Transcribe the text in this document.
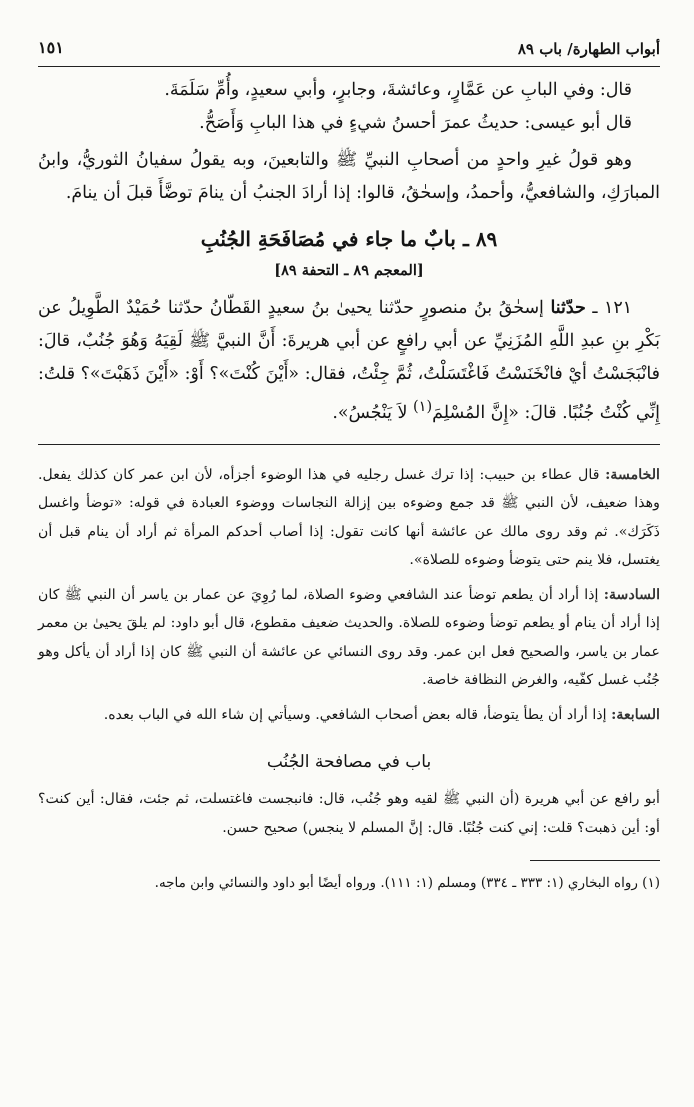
أبواب الطهارة/ باب ٨٩
١٥١

قال: وفي البابِ عن عَمَّارٍ، وعائشةَ، وجابرٍ، وأبي سعيدٍ، وأُمِّ سَلَمَةَ.

قال أبو عيسى: حديثُ عمرَ أحسنُ شيءٍ في هذا البابِ وَأَصَحُّ.

وهو قولُ غيرِ واحدٍ من أصحابِ النبيِّ ﷺ والتابعينَ، وبه يقولُ سفيانُ الثوريُّ، وابنُ المبارَكِ، والشافعيُّ، وأحمدُ، وإسحٰقُ، قالوا: إذا أرادَ الجنبُ أن ينامَ توضَّأَ قبلَ أن ينامَ.

٨٩ ـ بابٌ ما جاء في مُصَافَحَةِ الجُنُبِ
[المعجم ٨٩ ـ التحفة ٨٩]

١٢١ ـ حدّثنا إسحٰقُ بنُ منصورٍ حدّثنا يحيىٰ بنُ سعيدٍ القَطّانُ حدّثنا حُمَيْدٌ الطَّوِيلُ عن بَكْرِ بنِ عبدِ اللَّهِ المُزَنِيِّ عن أبي رافعٍ عن أبي هريرةَ: أَنَّ النبيَّ ﷺ لَقِيَهُ وَهُوَ جُنُبٌ، قالَ: فانْبَجَسْتُ أيْ فانْخَنَسْتُ فَاغْتَسَلْتُ، ثُمَّ جِئْتُ، فقال: «أَيْنَ كُنْتَ»؟ أَوْ: «أَيْنَ ذَهَبْتَ»؟ قلتُ: إِنِّي كُنْتُ جُنُبًا. قالَ: «إِنَّ المُسْلِمَ$^{(١)}$ لاَ يَنْجُسُ».

الخامسة: قال عطاء بن حبيب: إذا ترك غسل رجليه في هذا الوضوء أجزأه، لأن ابن عمر كان كذلك يفعل. وهذا ضعيف، لأن النبي ﷺ قد جمع وضوءه بين إزالة النجاسات ووضوء العبادة في قوله: «توضأ واغسل ذَكَرَك». ثم وقد روى مالك عن عائشة أنها كانت تقول: إذا أصاب أحدكم المرأة ثم أراد أن ينام قبل أن يغتسل، فلا ينم حتى يتوضأ وضوءه للصلاة».

السادسة: إذا أراد أن يطعم توضأ عند الشافعي وضوء الصلاة، لما رُوِيَ عن عمار بن ياسر أن النبي ﷺ كان إذا أراد أن ينام أو يطعم توضأ وضوءه للصلاة. والحديث ضعيف مقطوع، قال أبو داود: لم يلقَ يحيىٰ بن معمر عمار بن ياسر، والصحيح فعل ابن عمر. وقد روى النسائي عن عائشة أن النبي ﷺ كان إذا أراد أن يأكل وهو جُنُب غسل كفّيه، والغرض النظافة خاصة.

السابعة: إذا أراد أن يطأ يتوضأ، قاله بعض أصحاب الشافعي. وسيأتي إن شاء الله في الباب بعده.

باب في مصافحة الجُنُب

أبو رافع عن أبي هريرة (أن النبي ﷺ لقيه وهو جُنُب، قال: فانبجست فاغتسلت، ثم جئت، فقال: أين كنت؟ أو: أين ذهبت؟ قلت: إني كنت جُنُبًا. قال: إنَّ المسلم لا ينجس) صحيح حسن.

(١) رواه البخاري (١: ٣٣٣ ـ ٣٣٤) ومسلم (١: ١١١). ورواه أيضًا أبو داود والنسائي وابن ماجه.
